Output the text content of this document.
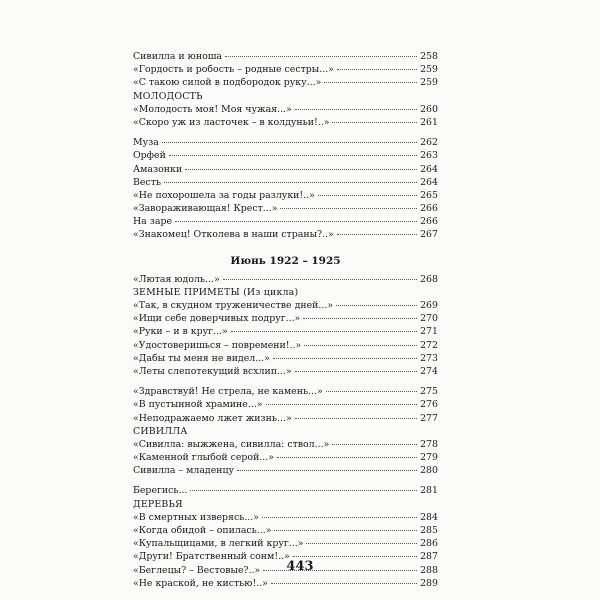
Сивилла и юноша	258
«Гордость и робость – родные сестры...»	259
«С такою силой в подбородок руку...»	259
МОЛОДОСТЬ
«Молодость моя! Моя чужая...»	260
«Скоро уж из ласточек – в колдуньи!..»	261
Муза	262
Орфей	263
Амазонки	264
Весть	264
«Не похорошела за годы разлуки!..»	265
«Завораживающая! Крест...»	266
На заре	266
«Знакомец! Отколева в наши страны?..»	267
Июнь 1922 – 1925
«Лютая юдоль...»	268
ЗЕМНЫЕ ПРИМЕТЫ (Из цикла)
«Так, в скудном труженичестве дней...»	269
«Ищи себе доверчивых подруг...»	270
«Руки – и в круг...»	271
«Удостоверишься – повремени!..»	272
«Дабы ты меня не видел...»	273
«Леты слепотекущий всхлип...»	274
«Здравствуй! Не стрела, не камень...»	275
«В пустынной храмине...»	276
«Неподражаемо лжет жизнь...»	277
СИВИЛЛА
«Сивилла: выжжена, сивилла: ствол...»	278
«Каменной глыбой серой...»	279
Сивилла – младенцу	280
Берегись...	281
ДЕРЕВЬЯ
«В смертных изверясь...»	284
«Когда обидой – опилась...»	285
«Купальщицами, в легкий круг...»	286
«Други! Братственный сонм!..»	287
«Беглецы? – Вестовые?..»	288
«Не краской, не кистью!..»	289
443
